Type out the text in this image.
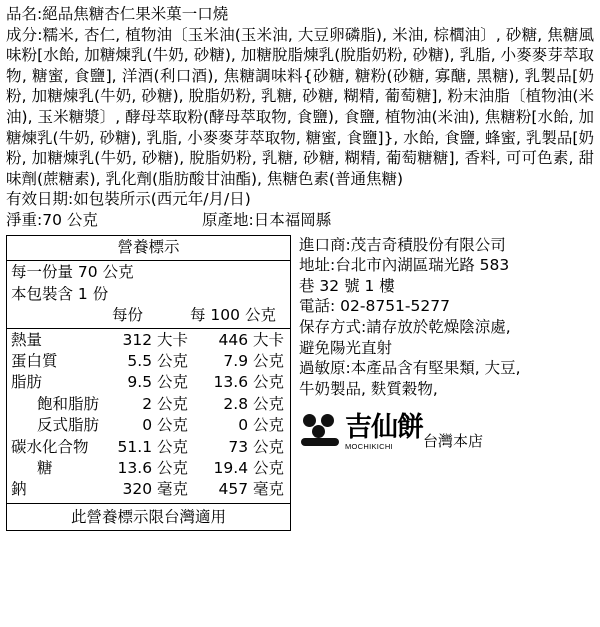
品名:絕品焦糖杏仁果米菓一口燒
成分:糯米, 杏仁, 植物油〔玉米油(玉米油, 大豆卵磷脂), 米油, 棕櫚油〕, 砂糖, 焦糖風味粉[水飴, 加糖煉乳(牛奶, 砂糖), 加糖脫脂煉乳(脫脂奶粉, 砂糖), 乳脂, 小麥麥芽萃取物, 糖蜜, 食鹽], 洋酒(利口酒), 焦糖調味料{砂糖, 糖粉(砂糖, 寡醣, 黑糖), 乳製品[奶粉, 加糖煉乳(牛奶, 砂糖), 脫脂奶粉, 乳糖, 砂糖, 糊精, 葡萄糖], 粉末油脂〔植物油(米油), 玉米糖漿〕, 酵母萃取粉(酵母萃取物, 食鹽), 食鹽, 植物油(米油), 焦糖粉[水飴, 加糖煉乳(牛奶, 砂糖), 乳脂, 小麥麥芽萃取物, 糖蜜, 食鹽]}, 水飴, 食鹽, 蜂蜜, 乳製品[奶粉, 加糖煉乳(牛奶, 砂糖), 脫脂奶粉, 乳糖, 砂糖, 糊精, 葡萄糖糖], 香料, 可可色素, 甜味劑(蔗糖素), 乳化劑(脂肪酸甘油酯), 焦糖色素(普通焦糖)
有效日期:如包裝所示(西元年/月/日)
淨重:70 公克	原產地:日本福岡縣
營養標示
每一份量 70 公克
本包裝含 1 份
每份	每 100 公克
熱量	312 大卡	446 大卡
蛋白質	5.5 公克	7.9 公克
脂肪	9.5 公克	13.6 公克
飽和脂肪	2 公克	2.8 公克
反式脂肪	0 公克	0 公克
碳水化合物	51.1 公克	73 公克
糖	13.6 公克	19.4 公克
鈉	320 毫克	457 毫克
此營養標示限台灣適用
進口商:茂吉奇積股份有限公司
地址:台北市內湖區瑞光路 583
巷 32 號 1 樓
電話: 02-8751-5277
保存方式:請存放於乾燥陰涼處,
避免陽光直射
過敏原:本產品含有堅果類, 大豆,
牛奶製品, 麩質穀物,
吉仙餅
MOCHIKICHI	台灣本店
